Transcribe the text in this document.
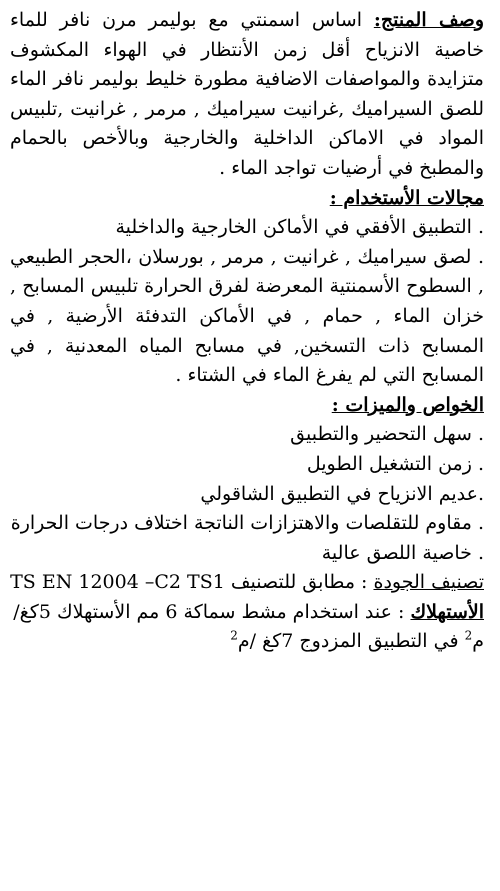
وصف المنتج: اساس اسمنتي مع بوليمر مرن نافر للماء خاصية الانزياح أقل زمن الأنتظار في الهواء المكشوف متزايدة والمواصفات الاضافية مطورة خليط بوليمر نافر الماء للصق السيراميك ,غرانيت سيراميك , مرمر , غرانيت ,تلبيس المواد في الاماكن الداخلية والخارجية وبالأخص بالحمام والمطبخ في أرضيات تواجد الماء .

مجالات الأستخدام :

. التطبيق الأفقي في الأماكن الخارجية والداخلية

. لصق سيراميك , غرانيت , مرمر , بورسلان ،الحجر الطبيعي , السطوح الأسمنتية المعرضة لفرق الحرارة تلبيس المسابح , خزان الماء , حمام , في الأماكن التدفئة الأرضية , في المسابح ذات التسخين, في مسابح المياه المعدنية , في المسابح التي لم يفرغ الماء في الشتاء .

الخواص والميزات :

. سهل التحضير والتطبيق

. زمن التشغيل الطويل

.عديم الانزياح في التطبيق الشاقولي

. مقاوم للتقلصات والاهتزازات الناتجة اختلاف درجات الحرارة

. خاصية اللصق عالية

تصنيف الجودة : مطابق للتصنيف TS EN 12004 –C2 TS1

الأستهلاك : عند استخدام مشط سماكة 6 مم الأستهلاك 5كغ/ م$^2$ في التطبيق المزدوج 7كغ /م$^2$
